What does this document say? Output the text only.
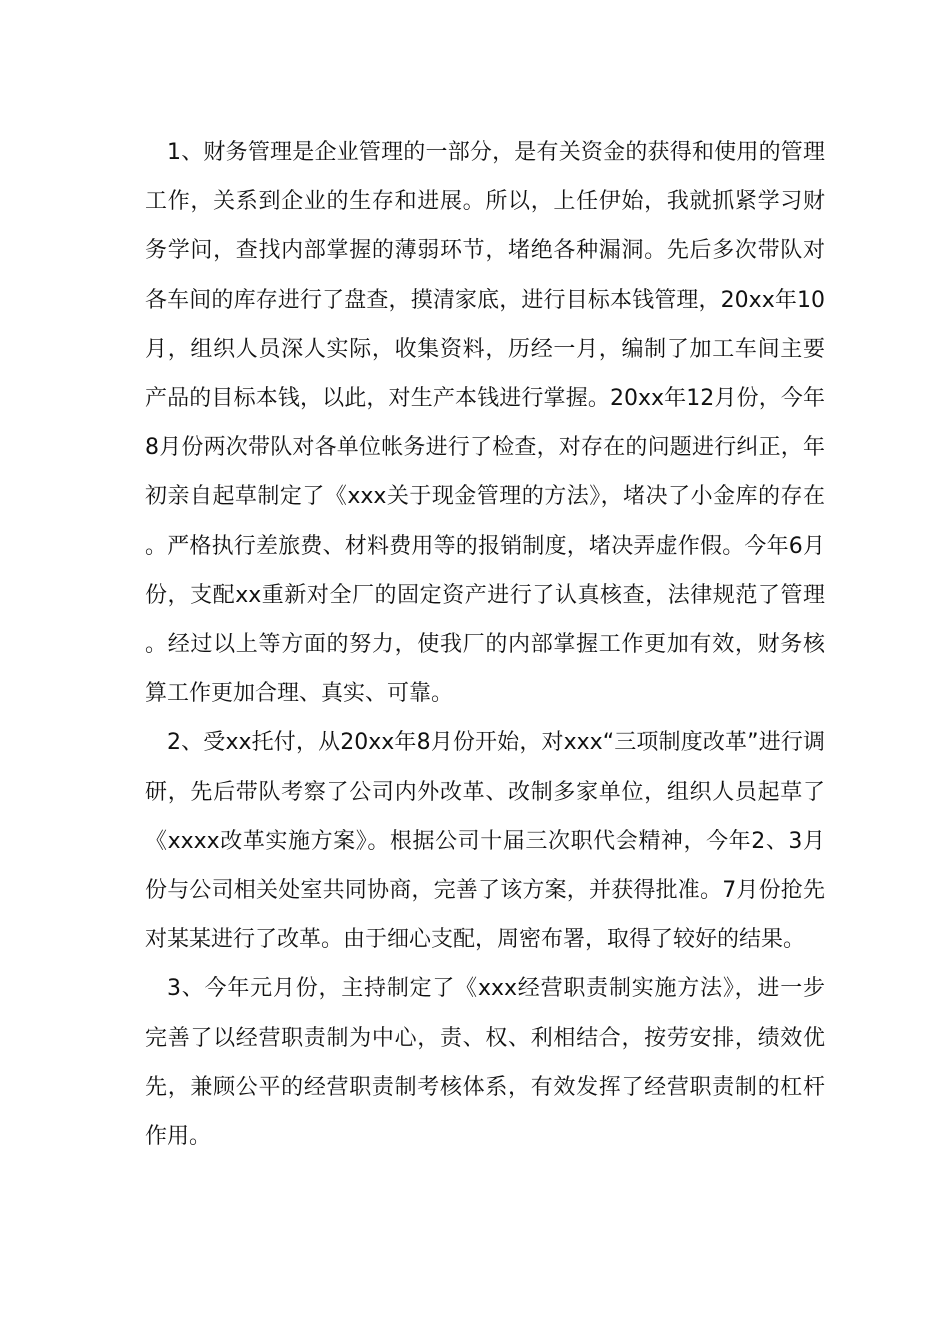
1、财务管理是企业管理的一部分，是有关资金的获得和使用的管理工作，关系到企业的生存和进展。所以，上任伊始，我就抓紧学习财务学问，查找内部掌握的薄弱环节，堵绝各种漏洞。先后多次带队对各车间的库存进行了盘查，摸清家底，进行目标本钱管理，20xx年10月，组织人员深人实际，收集资料，历经一月，编制了加工车间主要产品的目标本钱，以此，对生产本钱进行掌握。20xx年12月份，今年8月份两次带队对各单位帐务进行了检查，对存在的问题进行纠正，年初亲自起草制定了《xxx关于现金管理的方法》，堵决了小金库的存在。严格执行差旅费、材料费用等的报销制度，堵决弄虚作假。今年6月份，支配xx重新对全厂的固定资产进行了认真核查，法律规范了管理。经过以上等方面的努力，使我厂的内部掌握工作更加有效，财务核算工作更加合理、真实、可靠。

2、受xx托付，从20xx年8月份开始，对xxx“三项制度改革”进行调研，先后带队考察了公司内外改革、改制多家单位，组织人员起草了《xxxx改革实施方案》。根据公司十届三次职代会精神，今年2、3月份与公司相关处室共同协商，完善了该方案，并获得批准。7月份抢先对某某进行了改革。由于细心支配，周密布署，取得了较好的结果。

3、今年元月份，主持制定了《xxx经营职责制实施方法》，进一步完善了以经营职责制为中心，责、权、利相结合，按劳安排，绩效优先，兼顾公平的经营职责制考核体系，有效发挥了经营职责制的杠杆作用。
